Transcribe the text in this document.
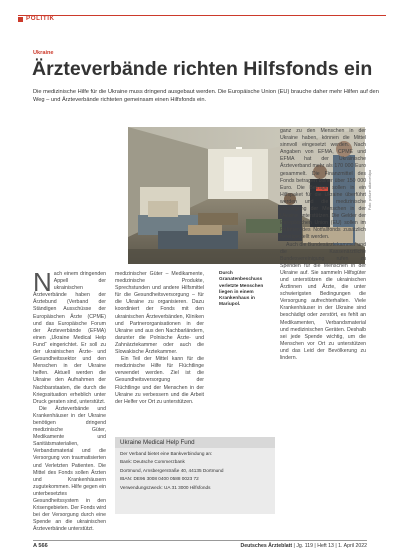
POLITIK
Ukraine
Ärzteverbände richten Hilfsfonds ein

Die medizinische Hilfe für die Ukraine muss dringend ausgebaut werden. Die Europäische Union (EU) brauche daher mehr Hilfen auf den Weg – und Ärzteverbände richteten gemeinsam einen Hilfsfonds ein.

Foto: picture alliance/dpa

Nach einem dringenden Appell der ukrainischen Ärzteverbände haben der Ärztebund (Verband der Ständigen Ausschüsse der Europäischen Ärzte (CPME) und das Europäische Forum der Ärzteverbände (EFMA) einen „Ukraine Medical Help Fund“ eingerichtet. Er soll zu der ukrainischen Ärzte- und Gesundheitssektor und den Menschen in der Ukraine helfen. Aktuell werden die Ukraine den Aufnahmen der Nachbarstaaten, die durch die Kriegssituation erheblich unter Druck geraten sind, unterstützt.

Die Ärzteverbände und Krankenhäuser in der Ukraine benötigen dringend medizinische Güter, Medikamente und Sanitätsmaterialien, Verbandsmaterial und die Versorgung von traumatisierten und Verletzten Patienten. Die Mittel des Fonds sollen Ärzten und Krankenhäusern zugutekommen. Hilfe gegen ein unterbesetztes Gesundheitssystem in den Krisengebieten. Der Fonds wird bei der Versorgung durch eine Spende an die ukrainischen Ärzteverbände unterstützt.

medizinischer Güter – Medikamente, medizinische Produkte, Sprechstunden und andere Hilfsmittel für die Gesundheitsversorgung – für die Ukraine zu organisieren. Dazu koordiniert der Fonds mit den ukrainischen Ärzteverbänden, Kliniken und Partnerorganisationen in der Ukraine und aus den Nachbarländern, darunter die Polnische Ärzte- und Zahnärztekammer oder auch die Slowakische Ärztekammer.

Ein Teil der Mittel kann für die medizinische Hilfe für Flüchtlinge verwendet werden. Ziel ist die Gesundheitsversorgung der Flüchtlinge und der Menschen in der Ukraine zu verbessern und die Arbeit der Helfer vor Ort zu unterstützen.

Durch Granatenbeschuss verletzte Menschen liegen in einem Krankenhaus in Mariupol.

ganz zu den Menschen in der Ukraine haben, können die Mittel sinnvoll eingesetzt werden. Nach Angaben von EFMA, CPME und EFMA hat der Ukrainische Ärzteverband mehr als 170 000 Euro gesammelt. Die Finanzmittel des Fonds betragen bisher über 150 000 Euro. Die Beträge sollen in ein Hilfspaket für die Ukraine überführt werden und die medizinische Versorgung der Menschen in der Ukraine unterstützen. Die Gelder der Europäischen Union (EU) sollen im Rahmen des Notfallfonds zusätzlich bereitgestellt werden.

Auch die Bundesärztekammer und die Kassenärztliche Bundesvereinigung rufen zu Spenden für die Menschen in der Ukraine auf. Sie sammeln Hilfsgüter und unterstützen die ukrainischen Ärztinnen und Ärzte, die unter schwierigsten Bedingungen die Versorgung aufrechterhalten. Viele Krankenhäuser in der Ukraine sind beschädigt oder zerstört, es fehlt an Medikamenten, Verbandsmaterial und medizinischen Geräten. Deshalb sei jede Spende wichtig, um die Menschen vor Ort zu unterstützen und das Leid der Bevölkerung zu lindern.

Ukraine Medical Help Fund
Der Verband bietet eine Bankverbindung an:
Bank: Deutsche Commerzbank
Dortmund, Arnsbergerstraße 40, 44135 Dortmund
IBAN: DE96 3008 0400 0588 0023 72
Verwendungszweck: UA 31 3000 Hilfsfonds
A 566	Deutsches Ärzteblatt | Jg. 119 | Heft 13 | 1. April 2022
